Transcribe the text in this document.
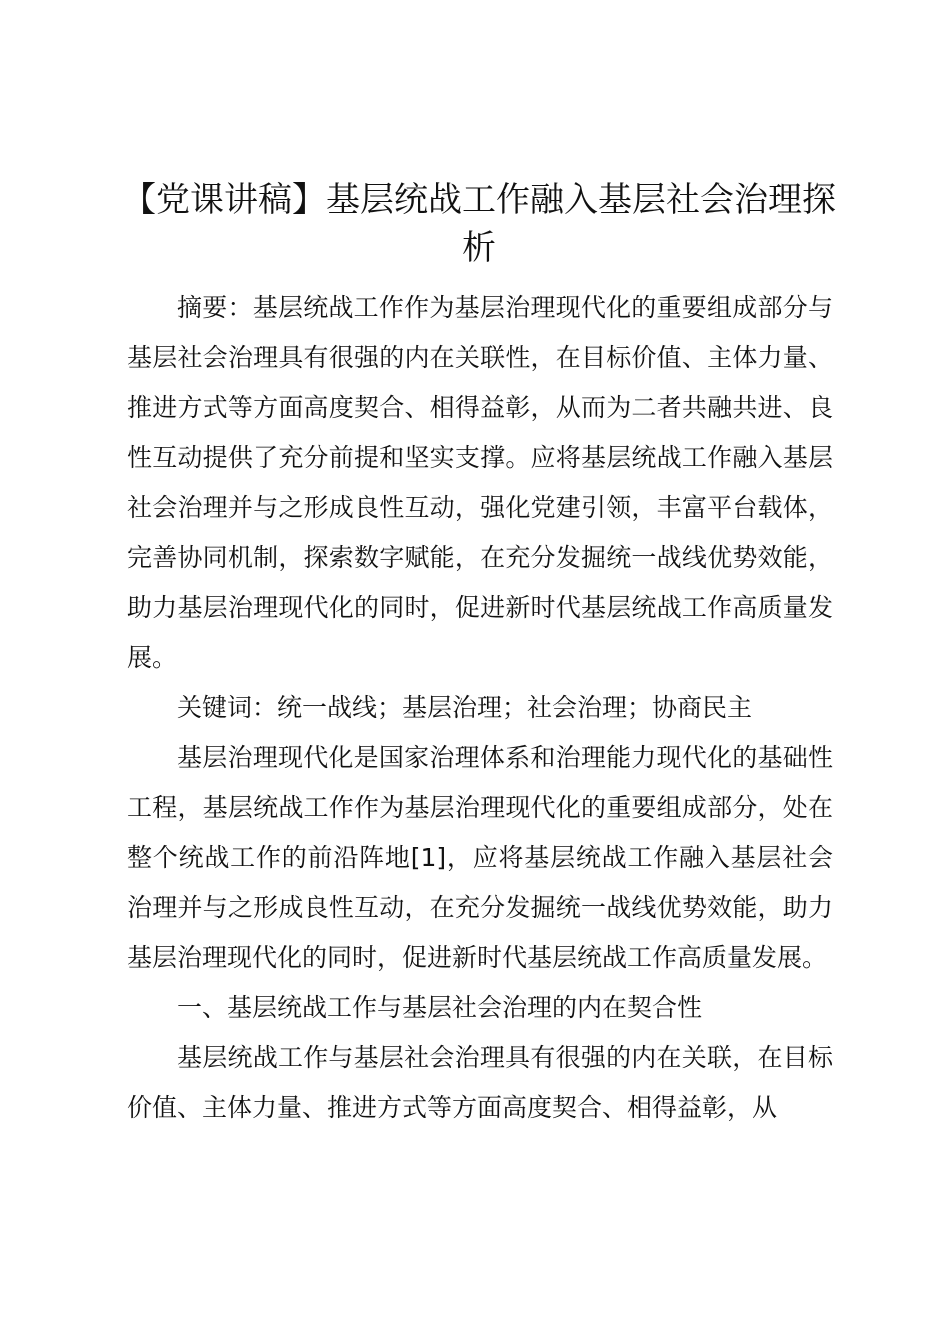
【党课讲稿】基层统战工作融入基层社会治理探析

摘要：基层统战工作作为基层治理现代化的重要组成部分与基层社会治理具有很强的内在关联性，在目标价值、主体力量、推进方式等方面高度契合、相得益彰，从而为二者共融共进、良性互动提供了充分前提和坚实支撑。应将基层统战工作融入基层社会治理并与之形成良性互动，强化党建引领，丰富平台载体，完善协同机制，探索数字赋能，在充分发掘统一战线优势效能，助力基层治理现代化的同时，促进新时代基层统战工作高质量发展。

关键词：统一战线；基层治理；社会治理；协商民主

基层治理现代化是国家治理体系和治理能力现代化的基础性工程，基层统战工作作为基层治理现代化的重要组成部分，处在整个统战工作的前沿阵地[1]，应将基层统战工作融入基层社会治理并与之形成良性互动，在充分发掘统一战线优势效能，助力基层治理现代化的同时，促进新时代基层统战工作高质量发展。

一、基层统战工作与基层社会治理的内在契合性

基层统战工作与基层社会治理具有很强的内在关联，在目标价值、主体力量、推进方式等方面高度契合、相得益彰，从
